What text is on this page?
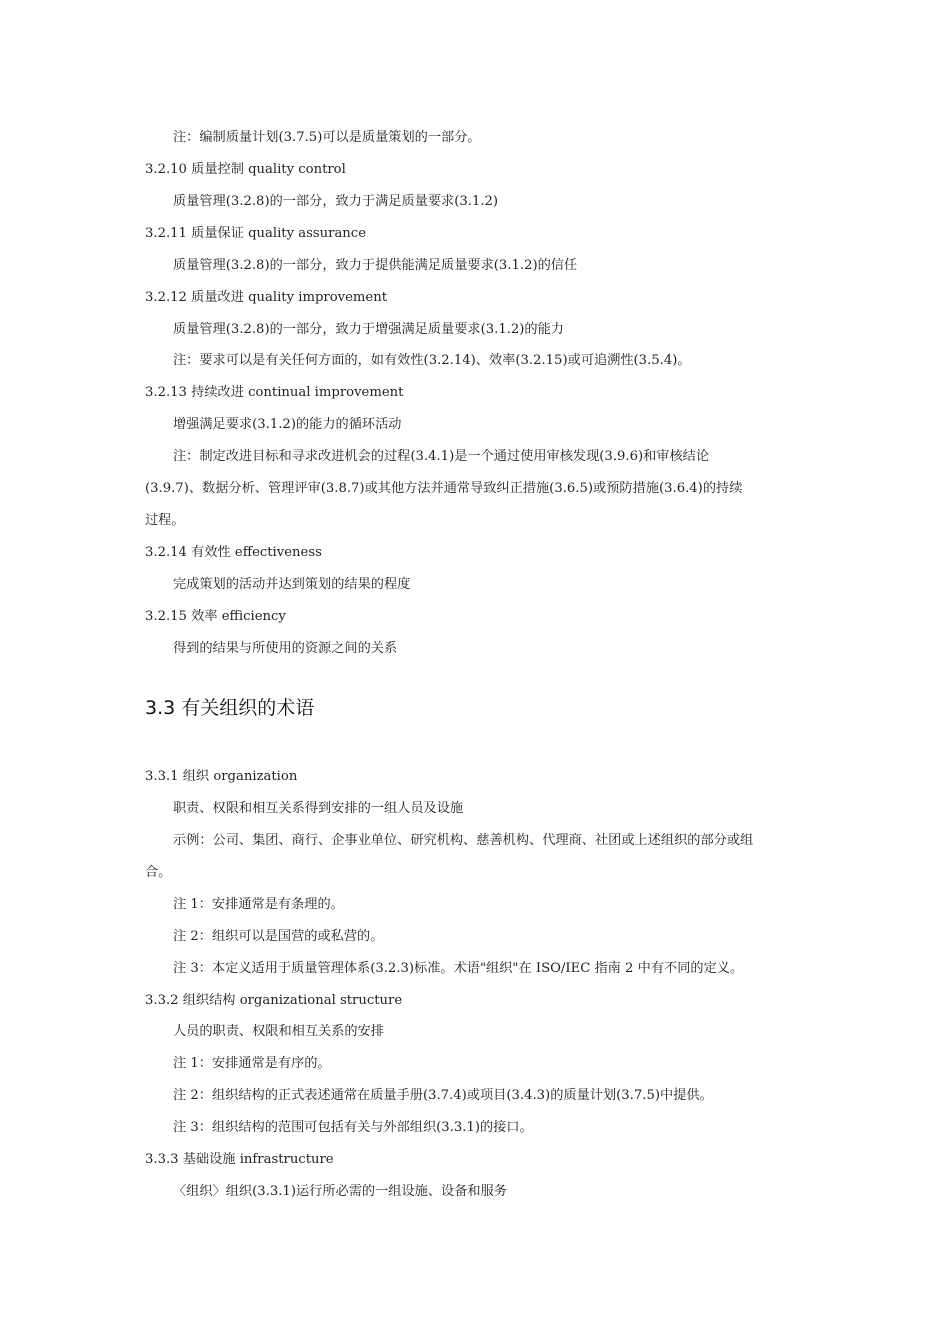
注：编制质量计划(3.7.5)可以是质量策划的一部分。
3.2.10 质量控制 quality control
质量管理(3.2.8)的一部分，致力于满足质量要求(3.1.2)
3.2.11 质量保证 quality assurance
质量管理(3.2.8)的一部分，致力于提供能满足质量要求(3.1.2)的信任
3.2.12 质量改进 quality improvement
质量管理(3.2.8)的一部分，致力于增强满足质量要求(3.1.2)的能力
注：要求可以是有关任何方面的，如有效性(3.2.14)、效率(3.2.15)或可追溯性(3.5.4)。
3.2.13 持续改进 continual improvement
增强满足要求(3.1.2)的能力的循环活动
注：制定改进目标和寻求改进机会的过程(3.4.1)是一个通过使用审核发现(3.9.6)和审核结论
(3.9.7)、数据分析、管理评审(3.8.7)或其他方法并通常导致纠正措施(3.6.5)或预防措施(3.6.4)的持续
过程。
3.2.14 有效性 effectiveness
完成策划的活动并达到策划的结果的程度
3.2.15 效率 efficiency
得到的结果与所使用的资源之间的关系
3.3 有关组织的术语
3.3.1 组织 organization
职责、权限和相互关系得到安排的一组人员及设施
示例：公司、集团、商行、企事业单位、研究机构、慈善机构、代理商、社团或上述组织的部分或组
合。
注 1：安排通常是有条理的。
注 2：组织可以是国营的或私营的。
注 3：本定义适用于质量管理体系(3.2.3)标准。术语"组织"在 ISO/IEC 指南 2 中有不同的定义。
3.3.2 组织结构 organizational structure
人员的职责、权限和相互关系的安排
注 1：安排通常是有序的。
注 2：组织结构的正式表述通常在质量手册(3.7.4)或项目(3.4.3)的质量计划(3.7.5)中提供。
注 3：组织结构的范围可包括有关与外部组织(3.3.1)的接口。
3.3.3 基础设施 infrastructure
〈组织〉组织(3.3.1)运行所必需的一组设施、设备和服务
